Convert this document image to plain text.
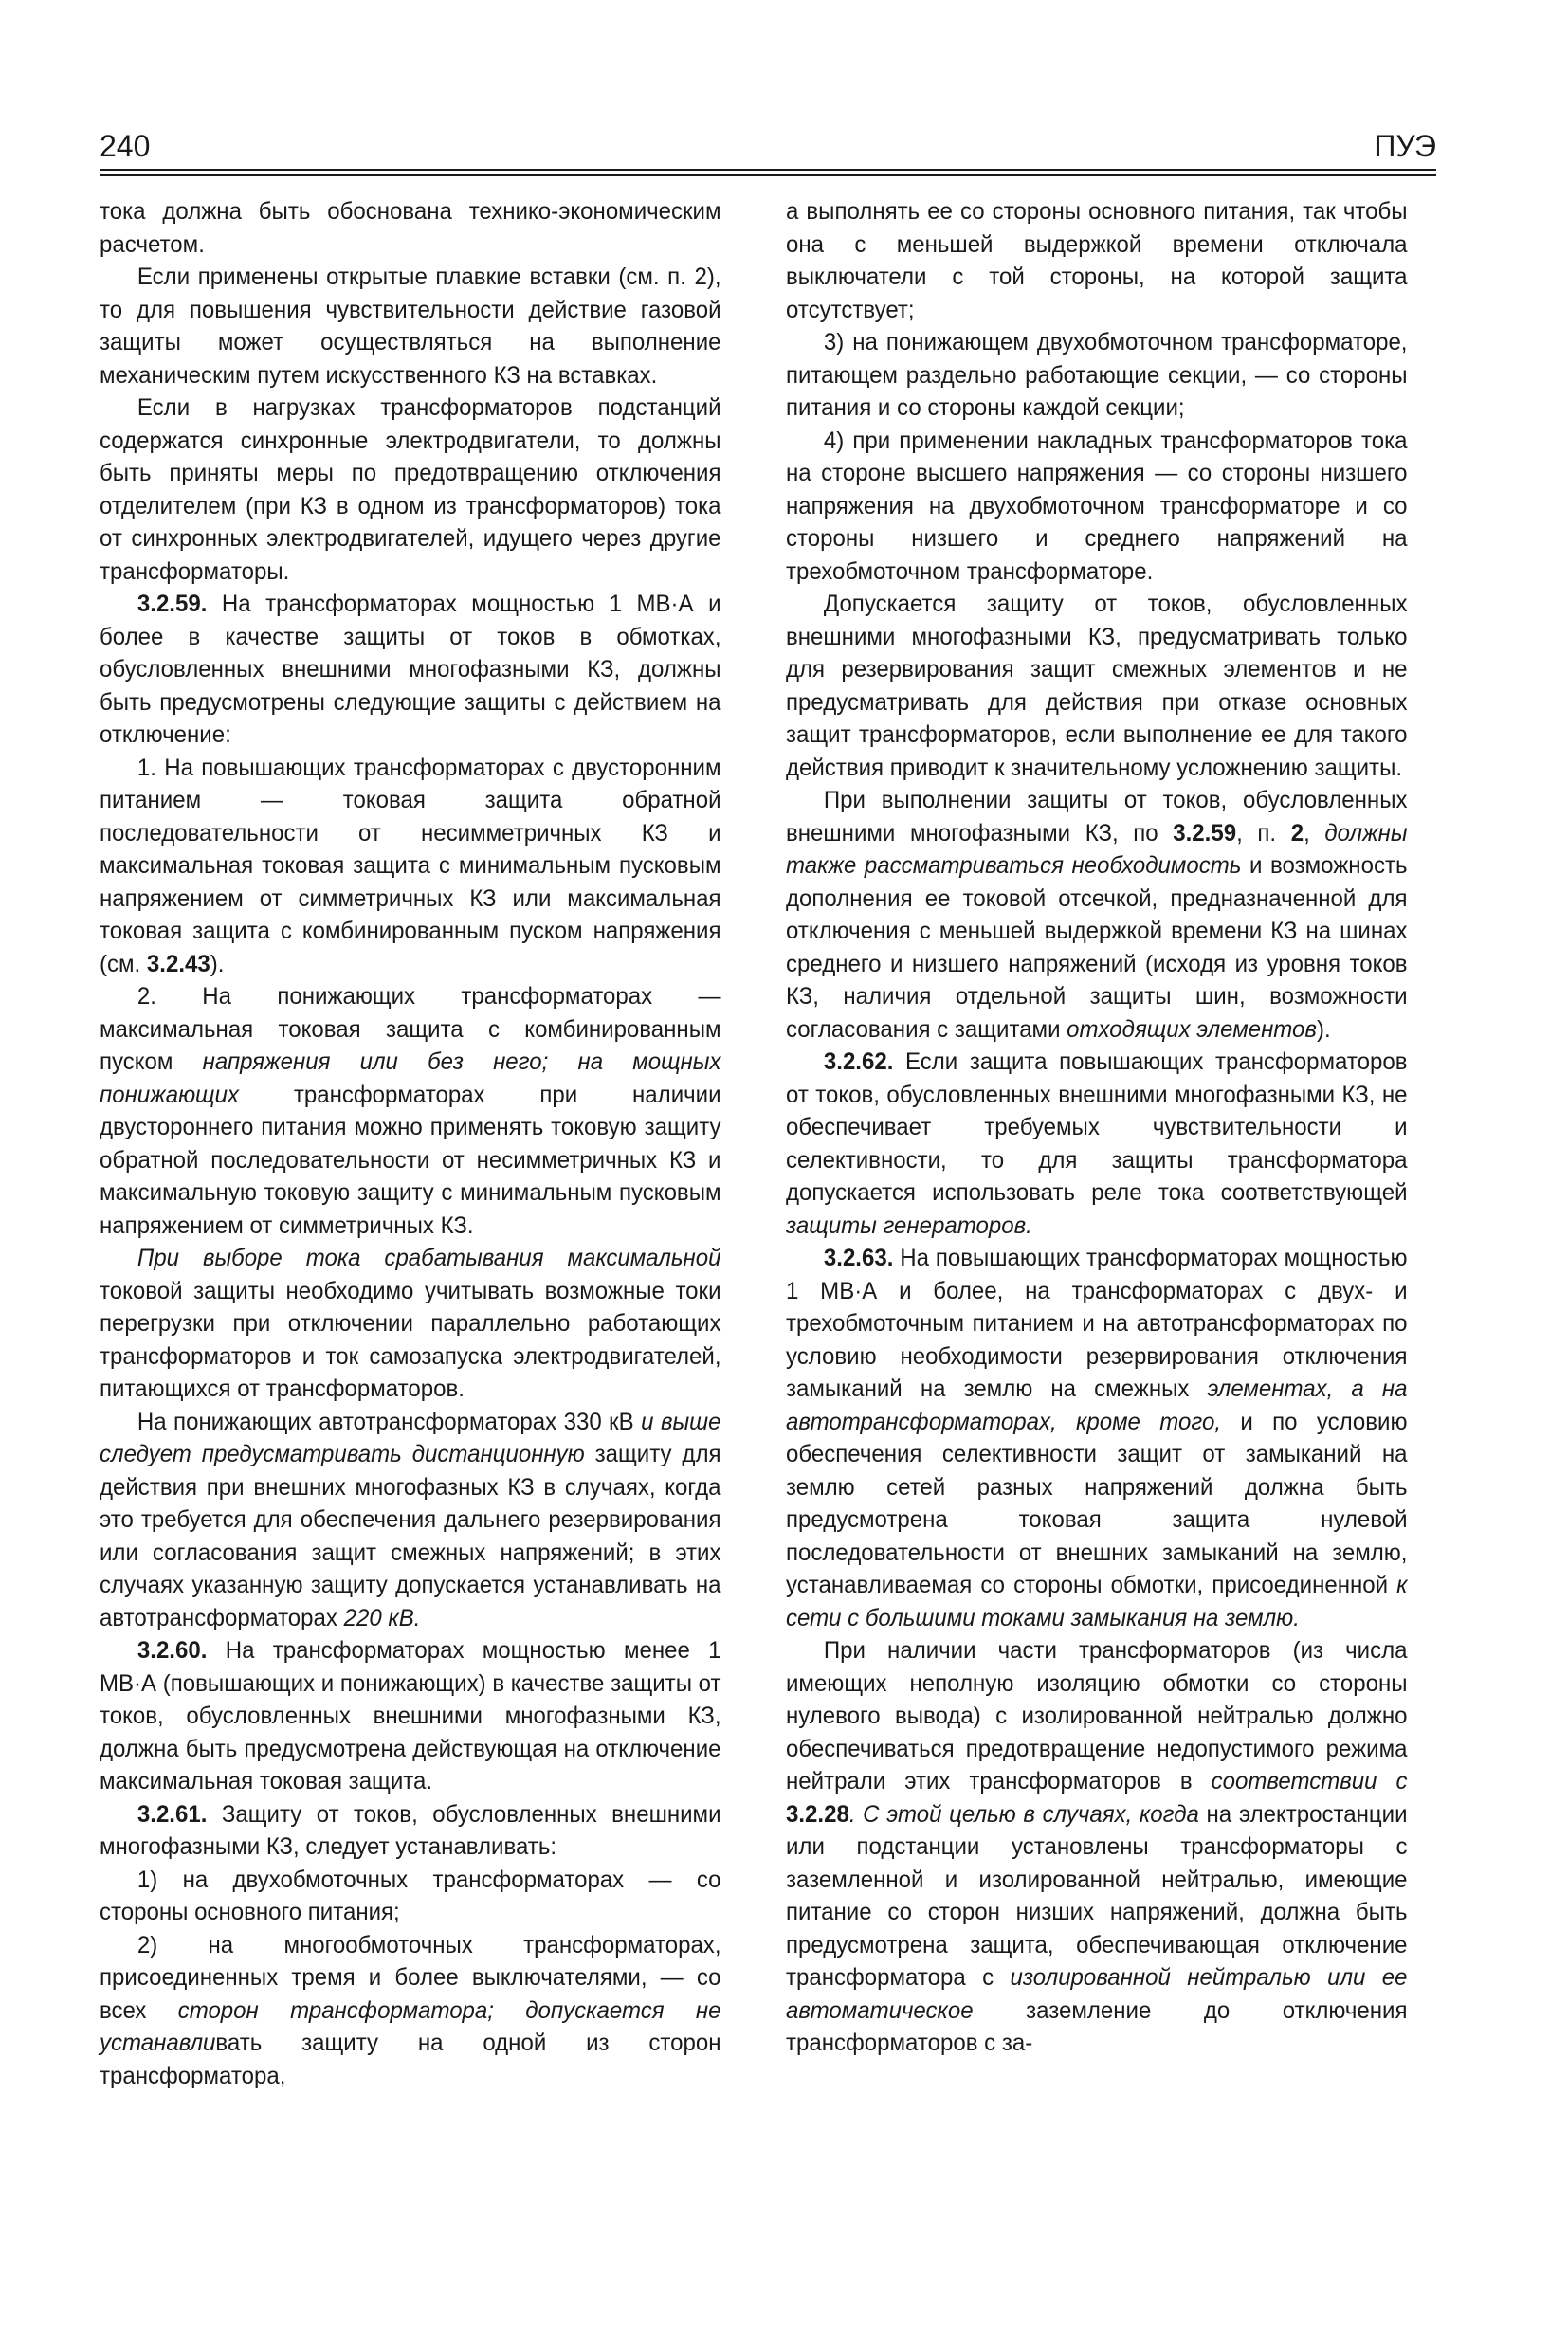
240	ПУЭ

тока должна быть обоснована технико-экономическим расчетом.

Если применены открытые плавкие вставки (см. п. 2), то для повышения чувствительности действие газовой защиты может осуществляться на выполнение механическим путем искусственного КЗ на вставках.

Если в нагрузках трансформаторов подстанций содержатся синхронные электродвигатели, то должны быть приняты меры по предотвращению отключения отделителем (при КЗ в одном из трансформаторов) тока от синхронных электродвигателей, идущего через другие трансформаторы.

3.2.59. На трансформаторах мощностью 1 МВ·А и более в качестве защиты от токов в обмотках, обусловленных внешними многофазными КЗ, должны быть предусмотрены следующие защиты с действием на отключение:

1. На повышающих трансформаторах с двусторонним питанием — токовая защита обратной последовательности от несимметричных КЗ и максимальная токовая защита с минимальным пусковым напряжением от симметричных КЗ или максимальная токовая защита с комбинированным пуском напряжения (см. 3.2.43).

2. На понижающих трансформаторах — максимальная токовая защита с комбинированным пуском напряжения или без него; на мощных понижающих трансформаторах при наличии двустороннего питания можно применять токовую защиту обратной последовательности от несимметричных КЗ и максимальную токовую защиту с минимальным пусковым напряжением от симметричных КЗ.

При выборе тока срабатывания максимальной токовой защиты необходимо учитывать возможные токи перегрузки при отключении параллельно работающих трансформаторов и ток самозапуска электродвигателей, питающихся от трансформаторов.

На понижающих автотрансформаторах 330 кВ и выше следует предусматривать дистанционную защиту для действия при внешних многофазных КЗ в случаях, когда это требуется для обеспечения дальнего резервирования или согласования защит смежных напряжений; в этих случаях указанную защиту допускается устанавливать на автотрансформаторах 220 кВ.

3.2.60. На трансформаторах мощностью менее 1 МВ·А (повышающих и понижающих) в качестве защиты от токов, обусловленных внешними многофазными КЗ, должна быть предусмотрена действующая на отключение максимальная токовая защита.

3.2.61. Защиту от токов, обусловленных внешними многофазными КЗ, следует устанавливать:

1) на двухобмоточных трансформаторах — со стороны основного питания;

2) на многообмоточных трансформаторах, присоединенных тремя и более выключателями, — со всех сторон трансформатора; допускается не устанавливать защиту на одной из сторон трансформатора,

а выполнять ее со стороны основного питания, так чтобы она с меньшей выдержкой времени отключала выключатели с той стороны, на которой защита отсутствует;

3) на понижающем двухобмоточном трансформаторе, питающем раздельно работающие секции, — со стороны питания и со стороны каждой секции;

4) при применении накладных трансформаторов тока на стороне высшего напряжения — со стороны низшего напряжения на двухобмоточном трансформаторе и со стороны низшего и среднего напряжений на трехобмоточном трансформаторе.

Допускается защиту от токов, обусловленных внешними многофазными КЗ, предусматривать только для резервирования защит смежных элементов и не предусматривать для действия при отказе основных защит трансформаторов, если выполнение ее для такого действия приводит к значительному усложнению защиты.

При выполнении защиты от токов, обусловленных внешними многофазными КЗ, по 3.2.59, п. 2, должны также рассматриваться необходимость и возможность дополнения ее токовой отсечкой, предназначенной для отключения с меньшей выдержкой времени КЗ на шинах среднего и низшего напряжений (исходя из уровня токов КЗ, наличия отдельной защиты шин, возможности согласования с защитами отходящих элементов).

3.2.62. Если защита повышающих трансформаторов от токов, обусловленных внешними многофазными КЗ, не обеспечивает требуемых чувствительности и селективности, то для защиты трансформатора допускается использовать реле тока соответствующей защиты генераторов.

3.2.63. На повышающих трансформаторах мощностью 1 МВ·А и более, на трансформаторах с двух- и трехобмоточным питанием и на автотрансформаторах по условию необходимости резервирования отключения замыканий на землю на смежных элементах, а на автотрансформаторах, кроме того, и по условию обеспечения селективности защит от замыканий на землю сетей разных напряжений должна быть предусмотрена токовая защита нулевой последовательности от внешних замыканий на землю, устанавливаемая со стороны обмотки, присоединенной к сети с большими токами замыкания на землю.

При наличии части трансформаторов (из числа имеющих неполную изоляцию обмотки со стороны нулевого вывода) с изолированной нейтралью должно обеспечиваться предотвращение недопустимого режима нейтрали этих трансформаторов в соответствии с 3.2.28. С этой целью в случаях, когда на электростанции или подстанции установлены трансформаторы с заземленной и изолированной нейтралью, имеющие питание со сторон низших напряжений, должна быть предусмотрена защита, обеспечивающая отключение трансформатора с изолированной нейтралью или ее автоматическое заземление до отключения трансформаторов с за-
